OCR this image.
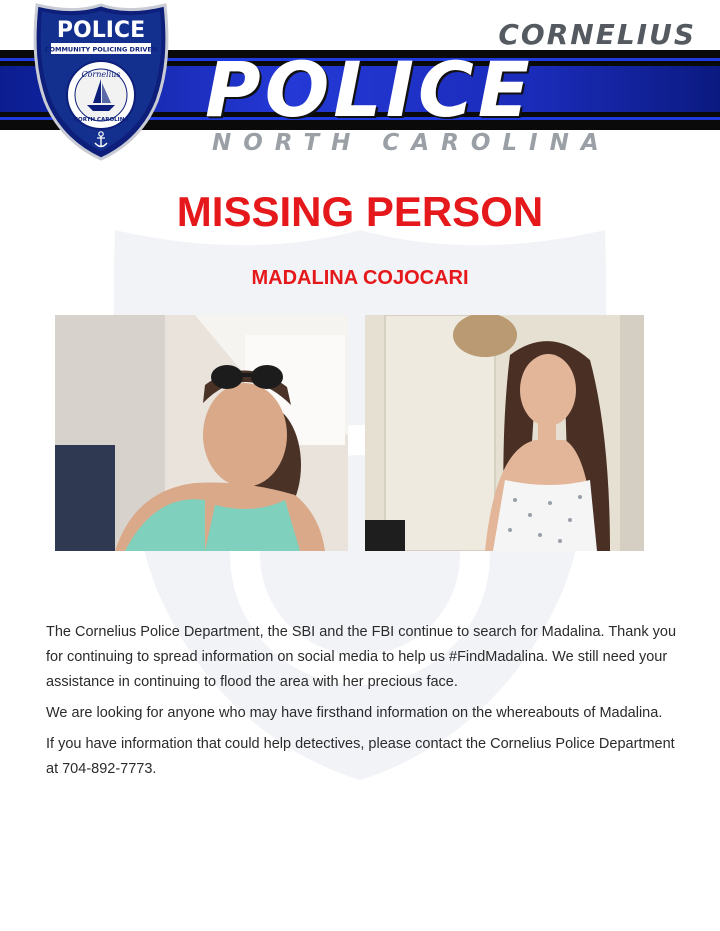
CORNELIUS

POLICE

NORTH CAROLINA

POLICE
COMMUNITY POLICING DRIVEN
Cornelius
NORTH CAROLINA
MISSING PERSON
MADALINA COJOCARI

The Cornelius Police Department, the SBI and the FBI continue to search for Madalina. Thank you for continuing to spread information on social media to help us #FindMadalina. We still need your assistance in continuing to flood the area with her precious face.

We are looking for anyone who may have firsthand information on the whereabouts of Madalina.

If you have information that could help detectives, please contact the Cornelius Police Department at 704-892-7773.
